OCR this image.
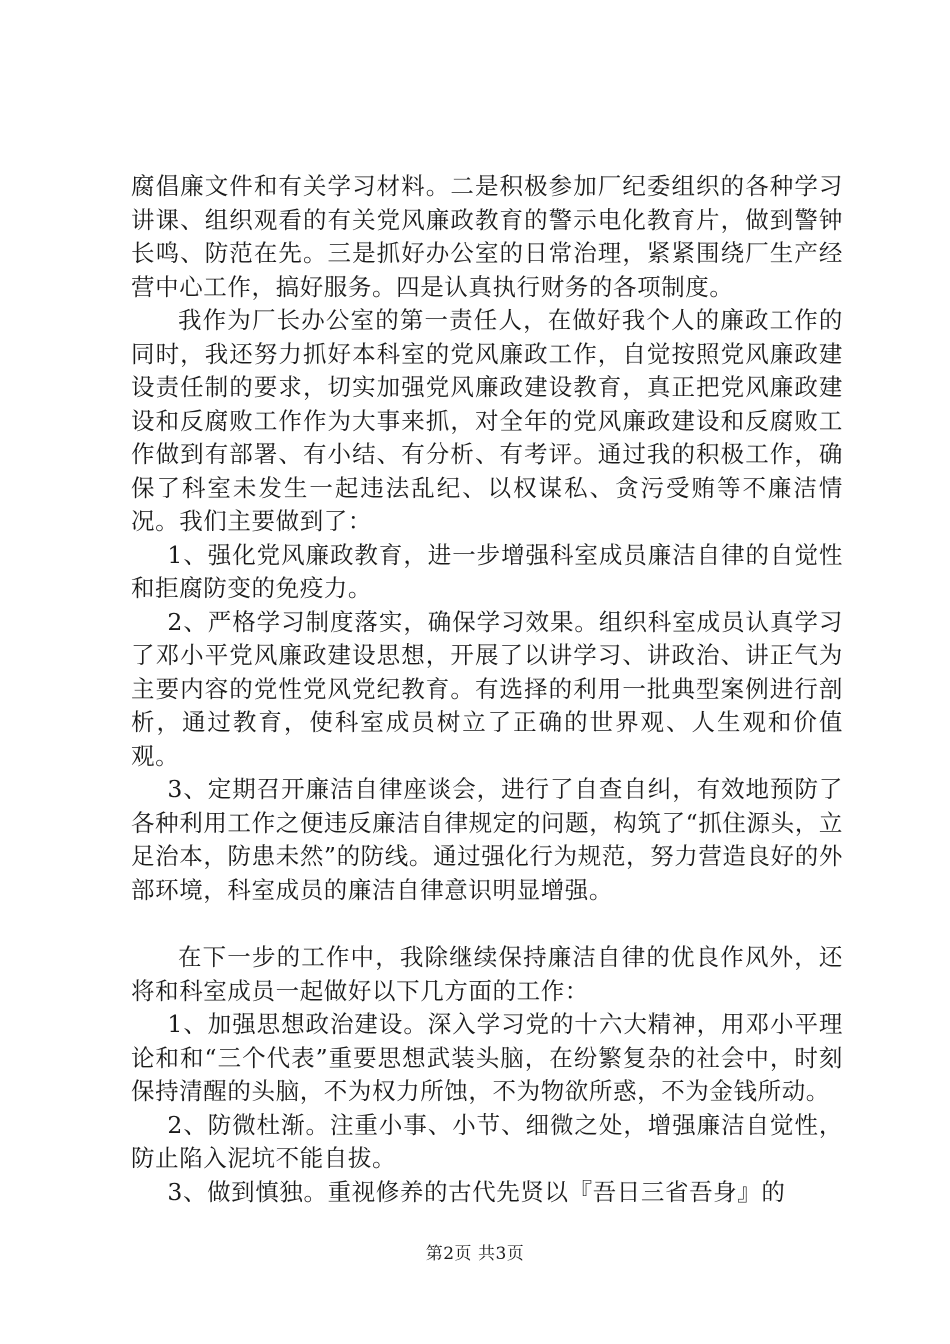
腐倡廉文件和有关学习材料。二是积极参加厂纪委组织的各种学习讲课、组织观看的有关党风廉政教育的警示电化教育片，做到警钟长鸣、防范在先。三是抓好办公室的日常治理，紧紧围绕厂生产经营中心工作，搞好服务。四是认真执行财务的各项制度。

我作为厂长办公室的第一责任人，在做好我个人的廉政工作的同时，我还努力抓好本科室的党风廉政工作，自觉按照党风廉政建设责任制的要求，切实加强党风廉政建设教育，真正把党风廉政建设和反腐败工作作为大事来抓，对全年的党风廉政建设和反腐败工作做到有部署、有小结、有分析、有考评。通过我的积极工作，确保了科室未发生一起违法乱纪、以权谋私、贪污受贿等不廉洁情况。我们主要做到了：

1、强化党风廉政教育，进一步增强科室成员廉洁自律的自觉性和拒腐防变的免疫力。

2、严格学习制度落实，确保学习效果。组织科室成员认真学习了邓小平党风廉政建设思想，开展了以讲学习、讲政治、讲正气为主要内容的党性党风党纪教育。有选择的利用一批典型案例进行剖析，通过教育，使科室成员树立了正确的世界观、人生观和价值观。

3、定期召开廉洁自律座谈会，进行了自查自纠，有效地预防了各种利用工作之便违反廉洁自律规定的问题，构筑了“抓住源头，立足治本，防患未然”的防线。通过强化行为规范，努力营造良好的外部环境，科室成员的廉洁自律意识明显增强。

在下一步的工作中，我除继续保持廉洁自律的优良作风外，还将和科室成员一起做好以下几方面的工作：

1、加强思想政治建设。深入学习党的十六大精神，用邓小平理论和和“三个代表”重要思想武装头脑，在纷繁复杂的社会中，时刻保持清醒的头脑，不为权力所蚀，不为物欲所惑，不为金钱所动。

2、防微杜渐。注重小事、小节、细微之处，增强廉洁自觉性，防止陷入泥坑不能自拔。

3、做到慎独。重视修养的古代先贤以『吾日三省吾身』的

第2页 共3页
